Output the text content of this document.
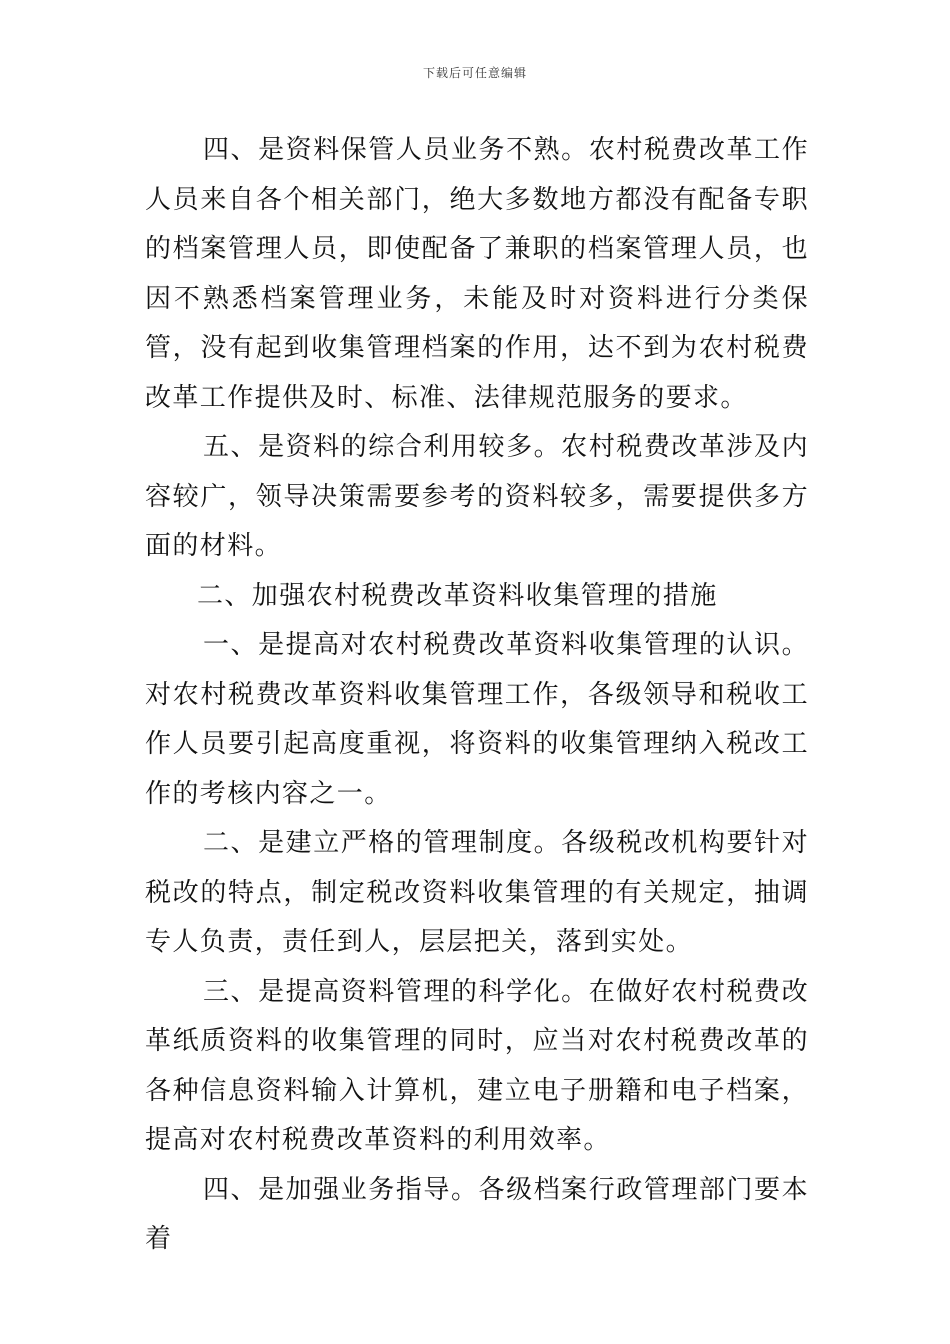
下载后可任意编辑

四、是资料保管人员业务不熟。农村税费改革工作人员来自各个相关部门，绝大多数地方都没有配备专职的档案管理人员，即使配备了兼职的档案管理人员，也因不熟悉档案管理业务，未能及时对资料进行分类保管，没有起到收集管理档案的作用，达不到为农村税费改革工作提供及时、标准、法律规范服务的要求。

五、是资料的综合利用较多。农村税费改革涉及内容较广，领导决策需要参考的资料较多，需要提供多方面的材料。

二、加强农村税费改革资料收集管理的措施

一、是提高对农村税费改革资料收集管理的认识。对农村税费改革资料收集管理工作，各级领导和税收工作人员要引起高度重视，将资料的收集管理纳入税改工作的考核内容之一。

二、是建立严格的管理制度。各级税改机构要针对税改的特点，制定税改资料收集管理的有关规定，抽调专人负责，责任到人，层层把关，落到实处。

三、是提高资料管理的科学化。在做好农村税费改革纸质资料的收集管理的同时，应当对农村税费改革的各种信息资料输入计算机，建立电子册籍和电子档案，提高对农村税费改革资料的利用效率。

四、是加强业务指导。各级档案行政管理部门要本着
